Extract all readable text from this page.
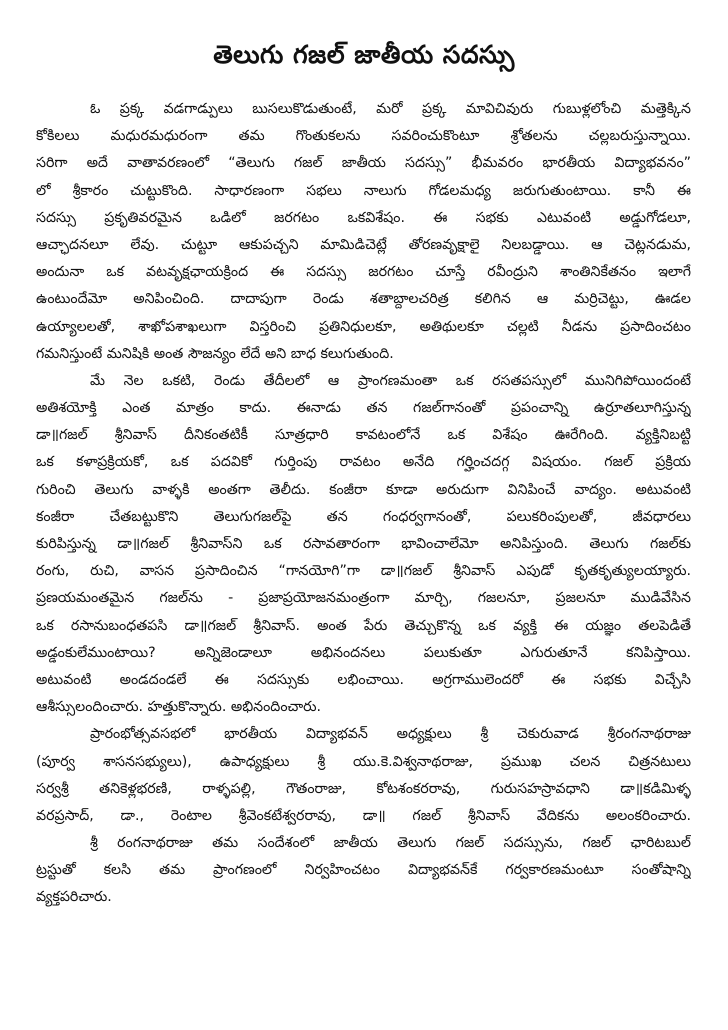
తెలుగు గజల్ జాతీయ సదస్సు
ఓ ప్రక్క వడగాడ్పులు బుసలుకొడుతుంటే, మరో ప్రక్క మావిచివురు గుబుళ్లలోంచి మత్తెక్కిన
కోకిలలు మధురమధురంగా తమ గొంతుకలను సవరించుకొంటూ శ్రోతలను చల్లబరుస్తున్నాయి.
సరిగా అదే వాతావరణంలో “తెలుగు గజల్ జాతీయ సదస్సు” భీమవరం భారతీయ విద్యాభవనం”
లో శ్రీకారం చుట్టుకొంది. సాధారణంగా సభలు నాలుగు గోడలమధ్య జరుగుతుంటాయి. కానీ ఈ
సదస్సు ప్రకృతివరమైన ఒడిలో జరగటం ఒకవిశేషం. ఈ సభకు ఎటువంటి అడ్డుగోడలూ,
ఆచ్ఛాదనలూ లేవు. చుట్టూ ఆకుపచ్చని మామిడిచెట్లే తోరణవృక్షాలై నిలబడ్డాయి. ఆ చెట్లనడుమ,
అందునా ఒక వటవృక్షఛాయక్రింద ఈ సదస్సు జరగటం చూస్తే రవీంద్రుని శాంతినికేతనం ఇలాగే
ఉంటుందేమో అనిపించింది. దాదాపుగా రెండు శతాబ్దాలచరిత్ర కలిగిన ఆ మర్రిచెట్టు, ఊడల
ఉయ్యాలలతో, శాఖోపశాఖలుగా విస్తరించి ప్రతినిధులకూ, అతిథులకూ చల్లటి నీడను ప్రసాదించటం
గమనిస్తుంటే మనిషికి అంత సౌజన్యం లేదే అని బాధ కలుగుతుంది.
మే నెల ఒకటి, రెండు తేదీలలో ఆ ప్రాంగణమంతా ఒక రసతపస్సులో మునిగిపోయిందంటే
అతిశయోక్తి ఎంత మాత్రం కాదు. ఈనాడు తన గజల్‌గానంతో ప్రపంచాన్ని ఉర్రూతలూగిస్తున్న
డా॥గజల్ శ్రీనివాస్ దీనికంతటికీ సూత్రధారి కావటంలోనే ఒక విశేషం ఊరేగింది. వ్యక్తినిబట్టి
ఒక కళాప్రక్రియకో, ఒక పదవికో గుర్తింపు రావటం అనేది గర్హించదగ్గ విషయం. గజల్ ప్రక్రియ
గురించి తెలుగు వాళ్ళకి అంతగా తెలీదు. కంజీరా కూడా అరుదుగా వినిపించే వాద్యం. అటువంటి
కంజీరా చేతబట్టుకొని తెలుగుగజల్‌పై తన గంధర్వగానంతో, పలుకరింపులతో, జీవధారలు
కురిపిస్తున్న డా॥గజల్ శ్రీనివాస్‌ని ఒక రసావతారంగా భావించాలేమో అనిపిస్తుంది. తెలుగు గజల్‌కు
రంగు, రుచి, వాసన ప్రసాదించిన “గానయోగి”గా డా॥గజల్ శ్రీనివాస్ ఎపుడో కృతకృత్యులయ్యారు.
ప్రణయమంతమైన గజల్‌ను - ప్రజాప్రయోజనమంత్రంగా మార్చి, గజలనూ, ప్రజలనూ ముడివేసిన
ఒక రసానుబంధతపసి డా॥గజల్ శ్రీనివాస్. అంత పేరు తెచ్చుకొన్న ఒక వ్యక్తి ఈ యజ్ఞం తలపెడితే
అడ్డంకులేముంటాయి? అన్నిజెండాలూ అభినందనలు పలుకుతూ ఎగురుతూనే కనిపిస్తాయి.
అటువంటి అండదండలే ఈ సదస్సుకు లభించాయి. అగ్రగాములెందరో ఈ సభకు విచ్చేసి
ఆశీస్సులందించారు. హత్తుకొన్నారు. అభినందించారు.
ప్రారంభోత్సవసభలో భారతీయ విద్యాభవన్ అధ్యక్షులు శ్రీ చెకురువాడ శ్రీరంగనాథరాజు
(పూర్వ శాసనసభ్యులు), ఉపాధ్యక్షులు శ్రీ యు.కె.విశ్వనాథరాజు, ప్రముఖ చలన చిత్రనటులు
సర్వశ్రీ తనికెళ్లభరణి, రాళ్ళపల్లి, గౌతంరాజు, కోటశంకరరావు, గురుసహస్రావధాని డా॥కడిమిళ్ళ
వరప్రసాద్, డా., రెంటాల శ్రీవెంకటేశ్వరరావు, డా॥ గజల్ శ్రీనివాస్ వేదికను అలంకరించారు.
శ్రీ రంగనాథరాజు తమ సందేశంలో జాతీయ తెలుగు గజల్ సదస్సును, గజల్ ఛారిటబుల్
ట్రస్టుతో కలసి తమ ప్రాంగణంలో నిర్వహించటం విద్యాభవన్‌కే గర్వకారణమంటూ సంతోషాన్ని
వ్యక్తపరిచారు.
